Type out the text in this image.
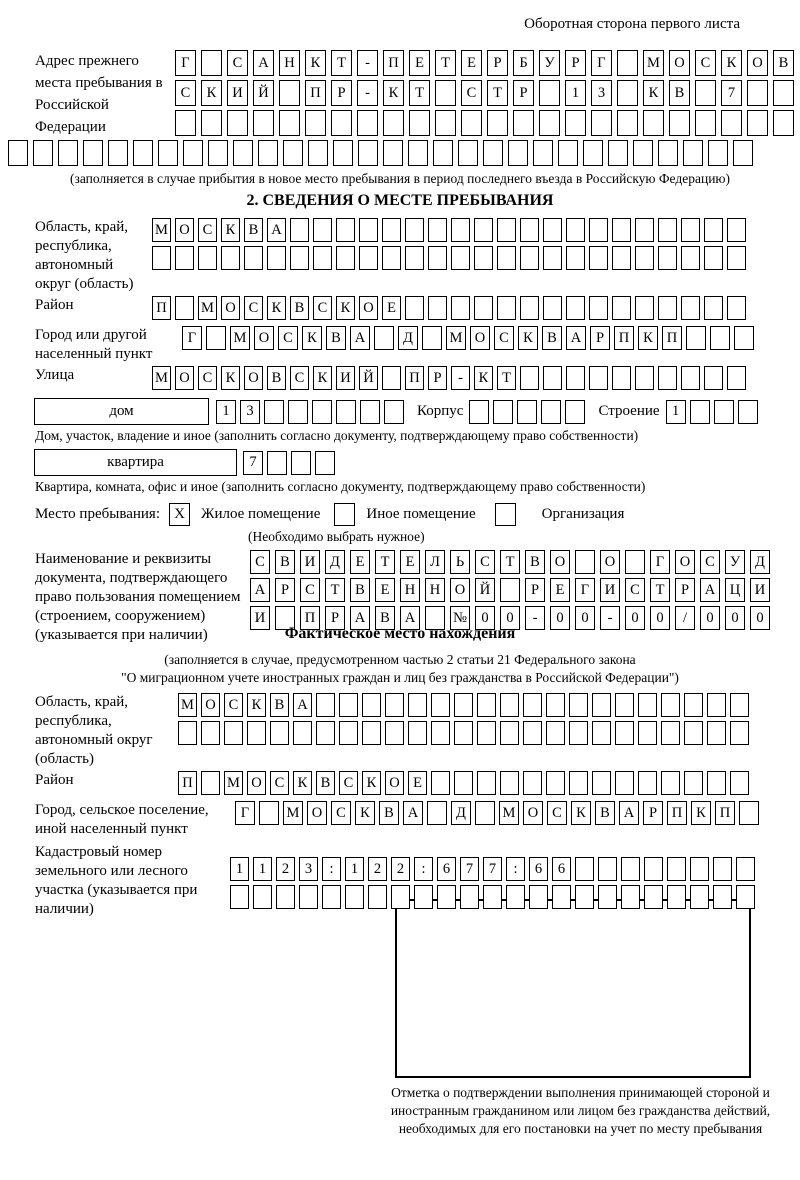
Оборотная сторона первого листа
Адрес прежнего места пребывания в Российской Федерации
Г	С	А	Н	К	Т	-	П	Е	Т	Е	Р	Б	У	Р	Г	М О	С	К	О	В
С	К	И	Й	П	Р	-	К	Т	С	Т	Р	1	3	К	В	7
(заполняется в случае прибытия в новое место пребывания в период последнего въезда в Российскую Федерацию)
2. СВЕДЕНИЯ О МЕСТЕ ПРЕБЫВАНИЯ
Область, край, республика, автономный округ (область)
М О С К В А
Район	П М О С К В С К О Е
Город или другой населенный пункт
Г	М О С К В А	Д	М О С К В А	Р	П К П
Улица	М О С К О В С К И Й П Р	-	К Т
дом	1	3	Корпус	Строение 1
Дом, участок, владение и иное (заполнить согласно документу, подтверждающему право собственности)
квартира	7
Квартира, комната, офис и иное (заполнить согласно документу, подтверждающему право собственности)
Место пребывания: X	Жилое помещение	Иное помещение	Организация
(Необходимо выбрать нужное)
Наименование и реквизиты документа, подтверждающего право пользования помещением (строением, сооружением) (указывается при наличии)
С	В	И	Д	Е	Т	Е	Л	Ь	С	Т	В	О	О	Г	О	С	У	Д
А	Р	С	Т	В	Е	Н	Н	О	Й	Р	Е	Г	И	С	Т	Р	А	Ц	И
И	П	Р	А	В	А	№ 0	0	-	0	0	-	0	0	/	0	0	0
Фактическое место нахождения
(заполняется в случае, предусмотренном частью 2 статьи 21 Федерального закона
"О миграционном учете иностранных граждан и лиц без гражданства в Российской Федерации")
Область, край, республика, автономный округ (область)
М О С К В А
Район	П М О С К В С К О Е
Город, сельское поселение, иной населенный пункт
Г	М О С К В А	Д	М О С К В А	Р	П К П
Кадастровый номер земельного или лесного участка (указывается при наличии)
1	1	2	3	:	1	2	2	:	6	7	7	:	6	6
Отметка о подтверждении выполнения принимающей стороной и иностранным гражданином или лицом без гражданства действий, необходимых для его постановки на учет по месту пребывания
